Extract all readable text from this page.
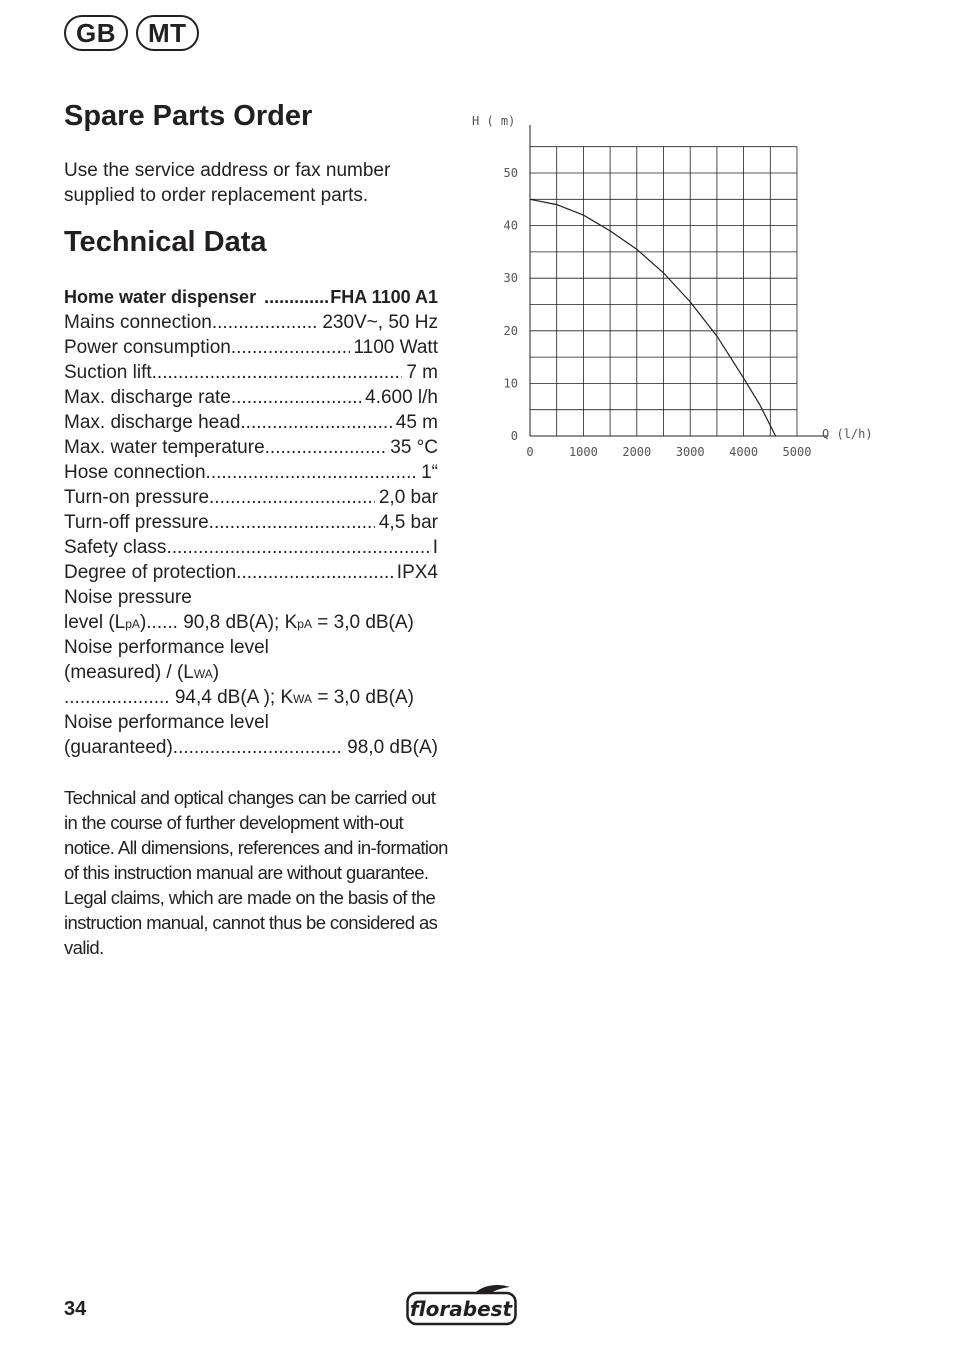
GB	MT
Spare Parts Order

Use the service address or fax number supplied to order replacement parts.

Technical Data
Home water dispenser .....	FHA 1100 A1
Mains connection .....	230V~, 50 Hz
Power consumption .....	1100 Watt
Suction lift .....	7 m
Max. discharge rate .....	4.600 l/h
Max. discharge head .....	45 m
Max. water temperature .....	35 °C
Hose connection .....	1“
Turn-on pressure .....	2,0 bar
Turn-off pressure .....	4,5 bar
Safety class .....	I
Degree of protection .....	IPX4
Noise pressure
level (LpA)...... 90,8 dB(A); KpA = 3,0 dB(A)
Noise performance level
(measured) / (LWA)
.................... 94,4 dB(A ); KWA = 3,0 dB(A)
Noise performance level
(guaranteed) .....	98,0 dB(A)

Technical and optical changes can be carried out in the course of further development with-out notice. All dimensions, references and in-formation of this instruction manual are without guarantee. Legal claims, which are made on the basis of the instruction manual, cannot thus be considered as valid.

0
10
20
30
40
50
0	1000 2000 3000 4000 5000
H ( m)
Q (l/h)
34	florabest
